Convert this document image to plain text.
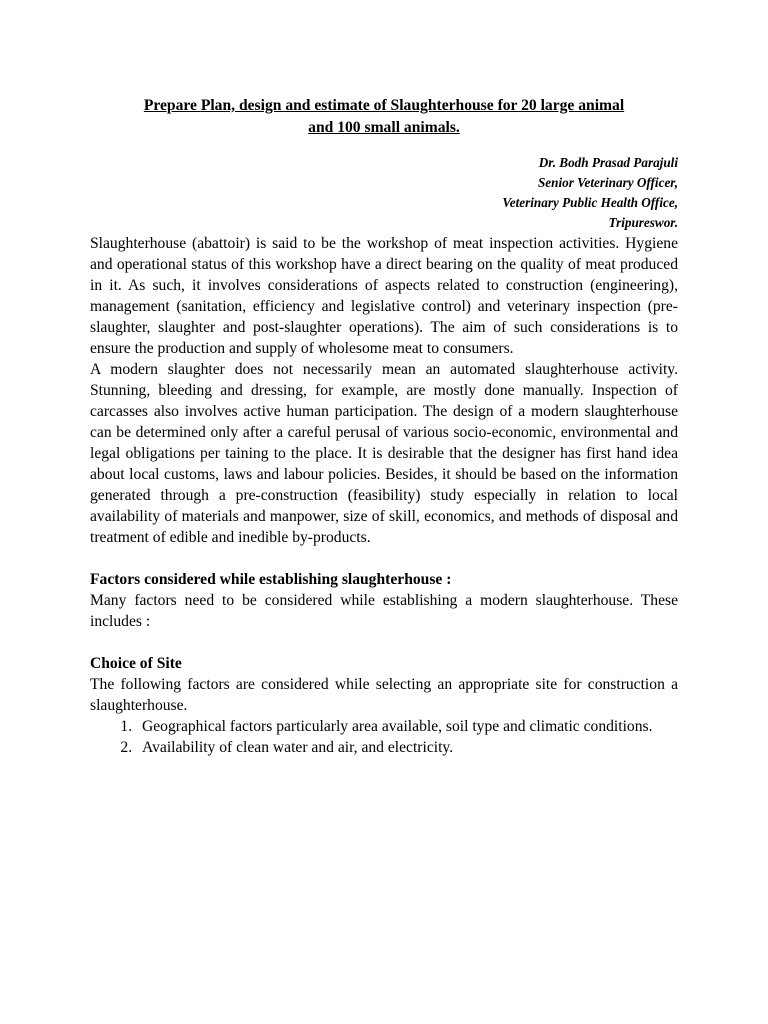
Prepare Plan, design and estimate of Slaughterhouse for 20 large animal
and 100 small animals.
Dr. Bodh Prasad Parajuli
Senior Veterinary Officer,
Veterinary Public Health Office,
Tripureswor.

Slaughterhouse (abattoir) is said to be the workshop of meat inspection activities. Hygiene and operational status of this workshop have a direct bearing on the quality of meat produced in it. As such, it involves considerations of aspects related to construction (engineering), management (sanitation, efficiency and legislative control) and veterinary inspection (pre-slaughter, slaughter and post-slaughter operations). The aim of such considerations is to ensure the production and supply of wholesome meat to consumers.

A modern slaughter does not necessarily mean an automated slaughterhouse activity. Stunning, bleeding and dressing, for example, are mostly done manually. Inspection of carcasses also involves active human participation. The design of a modern slaughterhouse can be determined only after a careful perusal of various socio-economic, environmental and legal obligations per taining to the place. It is desirable that the designer has first hand idea about local customs, laws and labour policies. Besides, it should be based on the information generated through a pre-construction (feasibility) study especially in relation to local availability of materials and manpower, size of skill, economics, and methods of disposal and treatment of edible and inedible by-products.

Factors considered while establishing slaughterhouse :

Many factors need to be considered while establishing a modern slaughterhouse. These includes :

Choice of Site

The following factors are considered while selecting an appropriate site for construction a slaughterhouse.

1. Geographical factors particularly area available, soil type and climatic conditions.
2. Availability of clean water and air, and electricity.
